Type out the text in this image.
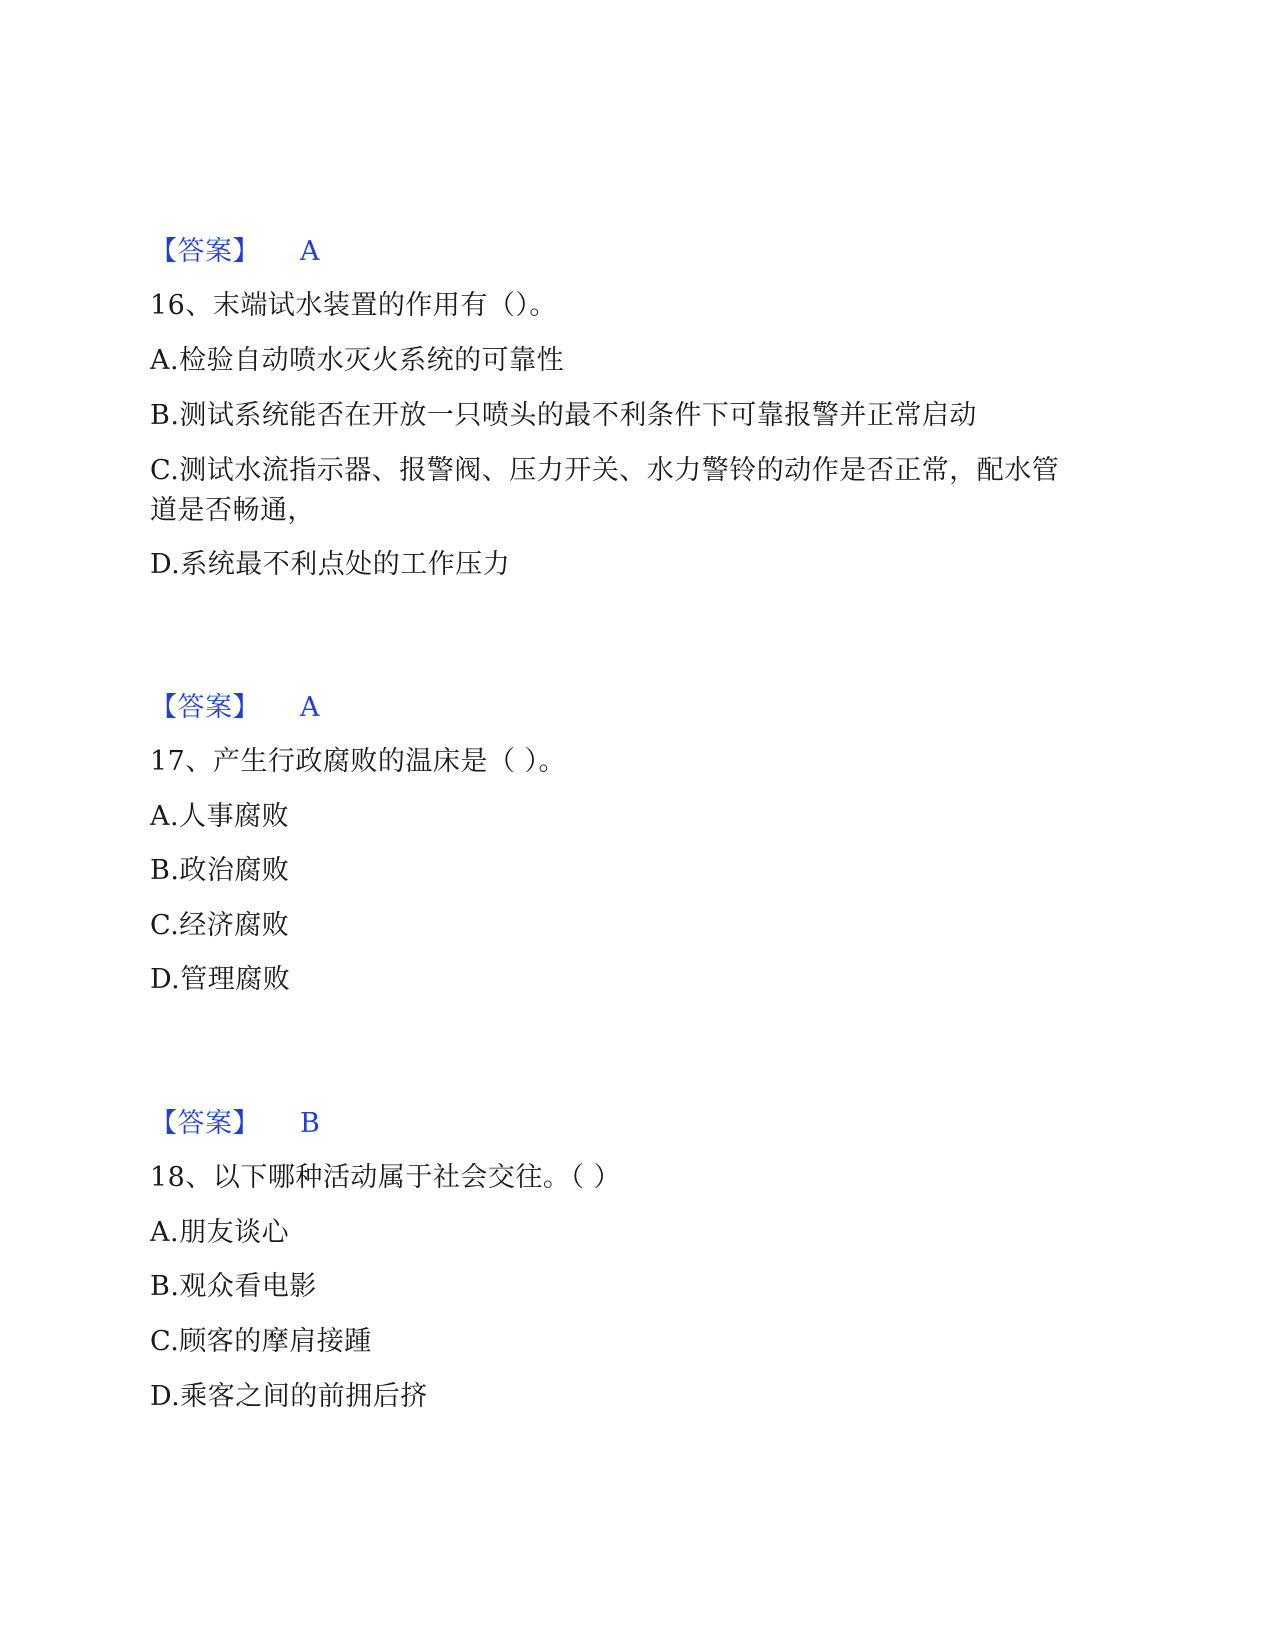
【答案】 A
16、末端试水装置的作用有（）。
A.检验自动喷水灭火系统的可靠性
B.测试系统能否在开放一只喷头的最不利条件下可靠报警并正常启动
C.测试水流指示器、报警阀、压力开关、水力警铃的动作是否正常，配水管道是否畅通，
D.系统最不利点处的工作压力
【答案】 A
17、产生行政腐败的温床是（ ）。
A.人事腐败
B.政治腐败
C.经济腐败
D.管理腐败
【答案】 B
18、以下哪种活动属于社会交往。（ ）
A.朋友谈心
B.观众看电影
C.顾客的摩肩接踵
D.乘客之间的前拥后挤
